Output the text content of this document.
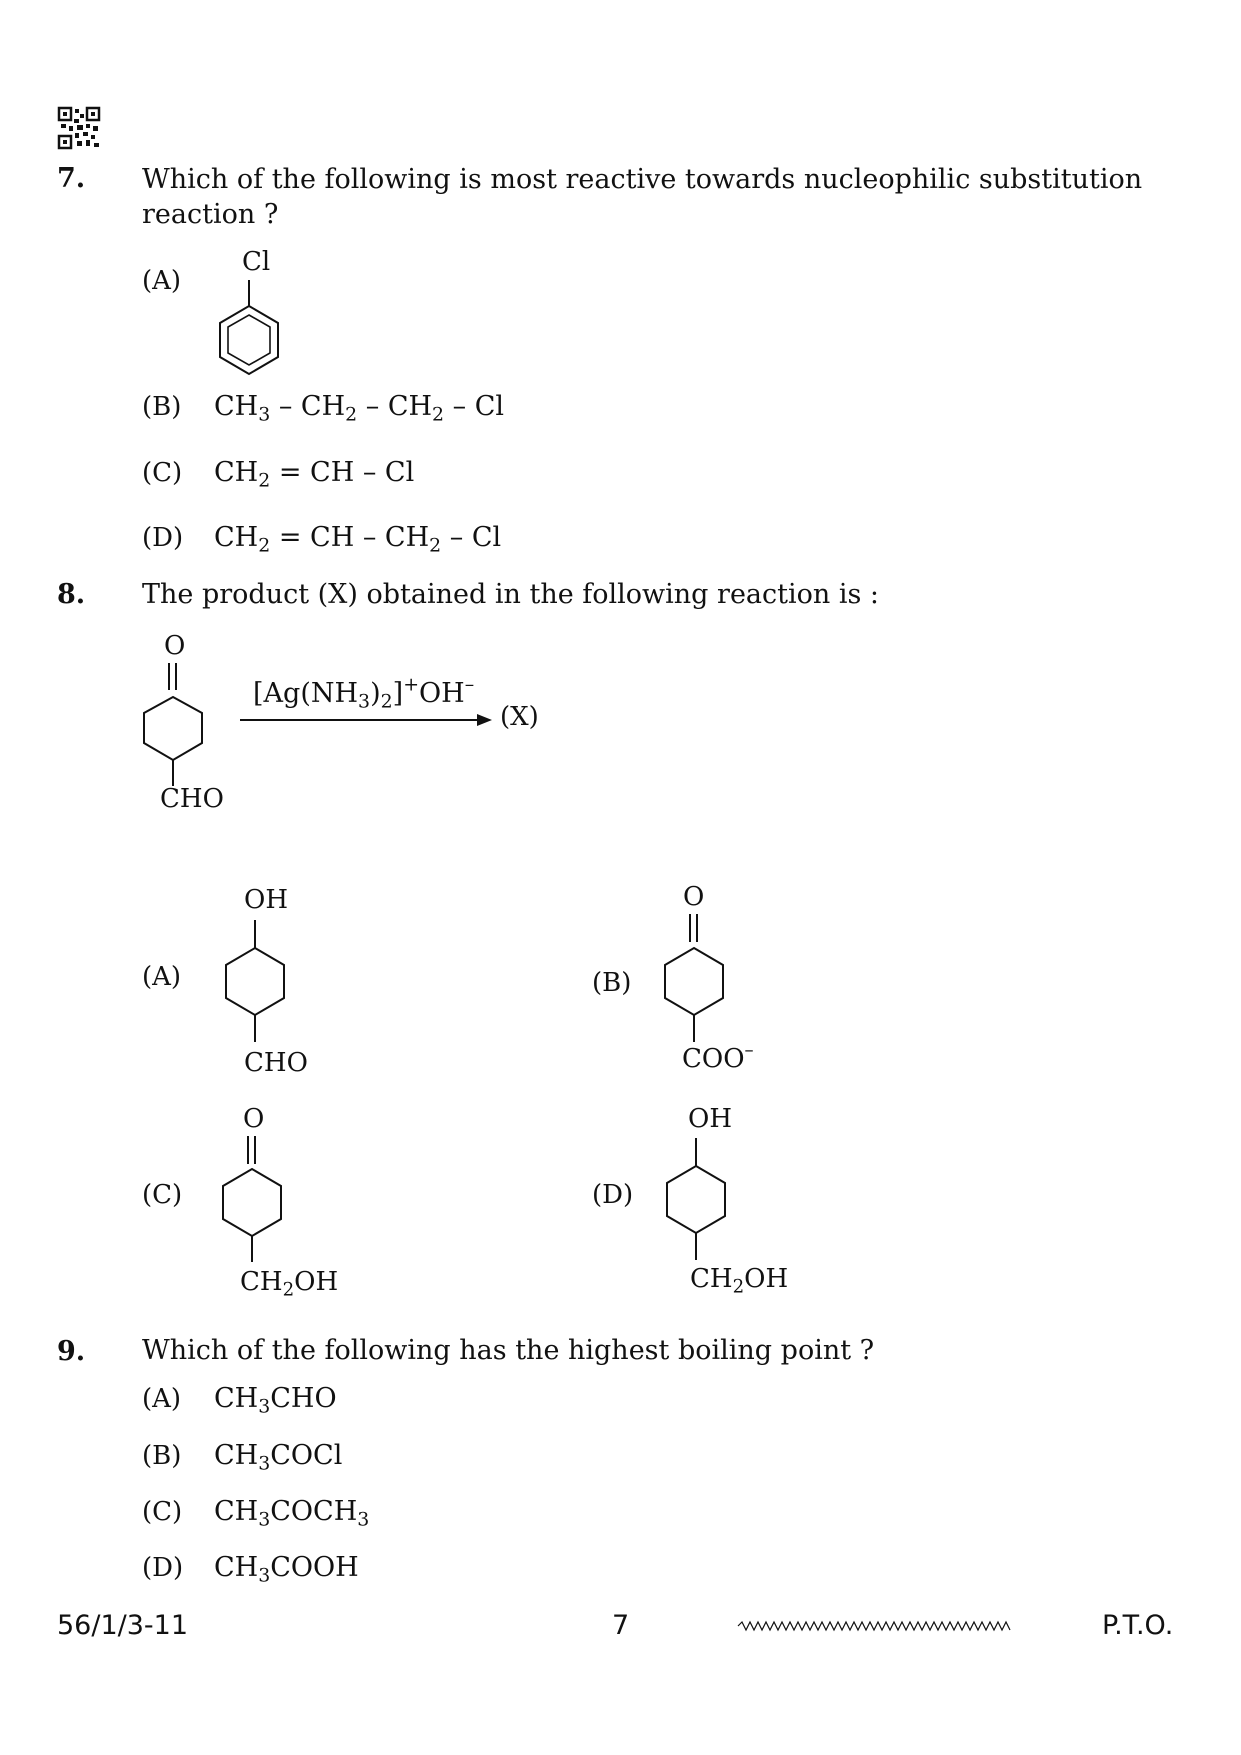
7. Which of the following is most reactive towards nucleophilic substitution
reaction ?
(A)
Cl
(B) $CH_3 - CH_2 - CH_2$ – Cl
(C) $CH_2$ = CH – Cl
(D) $CH_2$ = CH – $CH_2$ – Cl
8. The product (X) obtained in the following reaction is :
O
CHO
$[Ag(NH_3)_2]^+OH^-$
(X)
(A)
OH
CHO
(B)
O
COO–
(C)
O
$CH_2OH$
(D)
OH
$CH_2OH$
9. Which of the following has the highest boiling point ?
(A) $CH_3CHO$
(B) $CH_3COCl$
(C) $CH_3COCH_3$
(D) $CH_3COOH$
56/1/3-11	7	P.T.O.
